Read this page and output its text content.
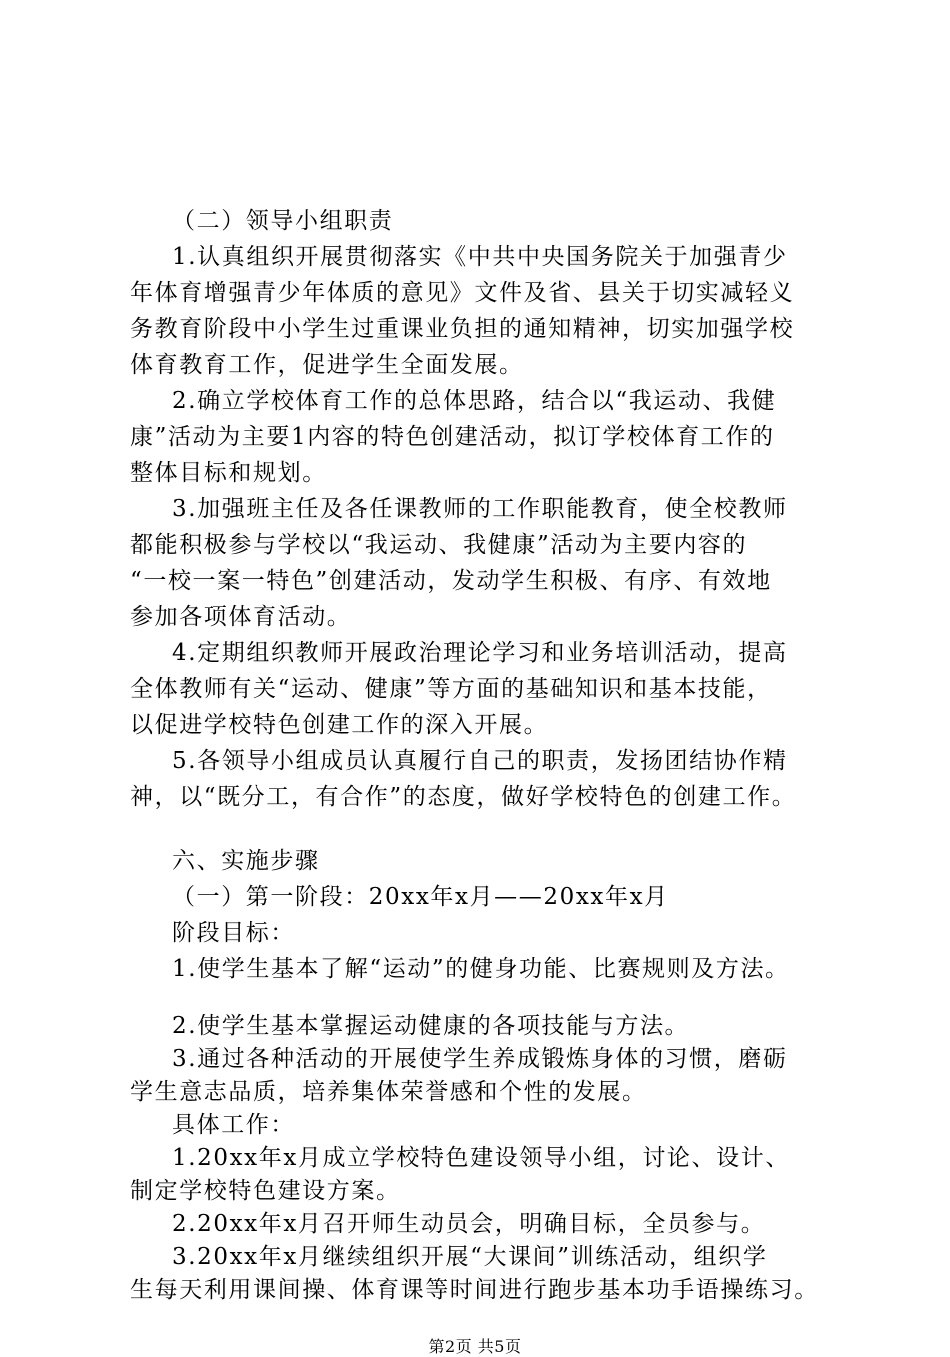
（二）领导小组职责
1.认真组织开展贯彻落实《中共中央国务院关于加强青少
年体育增强青少年体质的意见》文件及省、县关于切实减轻义
务教育阶段中小学生过重课业负担的通知精神，切实加强学校
体育教育工作，促进学生全面发展。
2.确立学校体育工作的总体思路，结合以“我运动、我健
康”活动为主要1内容的特色创建活动，拟订学校体育工作的
整体目标和规划。
3.加强班主任及各任课教师的工作职能教育，使全校教师
都能积极参与学校以“我运动、我健康”活动为主要内容的
“一校一案一特色”创建活动，发动学生积极、有序、有效地
参加各项体育活动。
4.定期组织教师开展政治理论学习和业务培训活动，提高
全体教师有关“运动、健康”等方面的基础知识和基本技能，
以促进学校特色创建工作的深入开展。
5.各领导小组成员认真履行自己的职责，发扬团结协作精
神，以“既分工，有合作”的态度，做好学校特色的创建工作。
六、实施步骤
（一）第一阶段：20xx年x月——20xx年x月
阶段目标：
1.使学生基本了解“运动”的健身功能、比赛规则及方法。
2.使学生基本掌握运动健康的各项技能与方法。
3.通过各种活动的开展使学生养成锻炼身体的习惯，磨砺
学生意志品质，培养集体荣誉感和个性的发展。
具体工作：
1.20xx年x月成立学校特色建设领导小组，讨论、设计、
制定学校特色建设方案。
2.20xx年x月召开师生动员会，明确目标，全员参与。
3.20xx年x月继续组织开展“大课间”训练活动，组织学
生每天利用课间操、体育课等时间进行跑步基本功手语操练习。
第2页 共5页
